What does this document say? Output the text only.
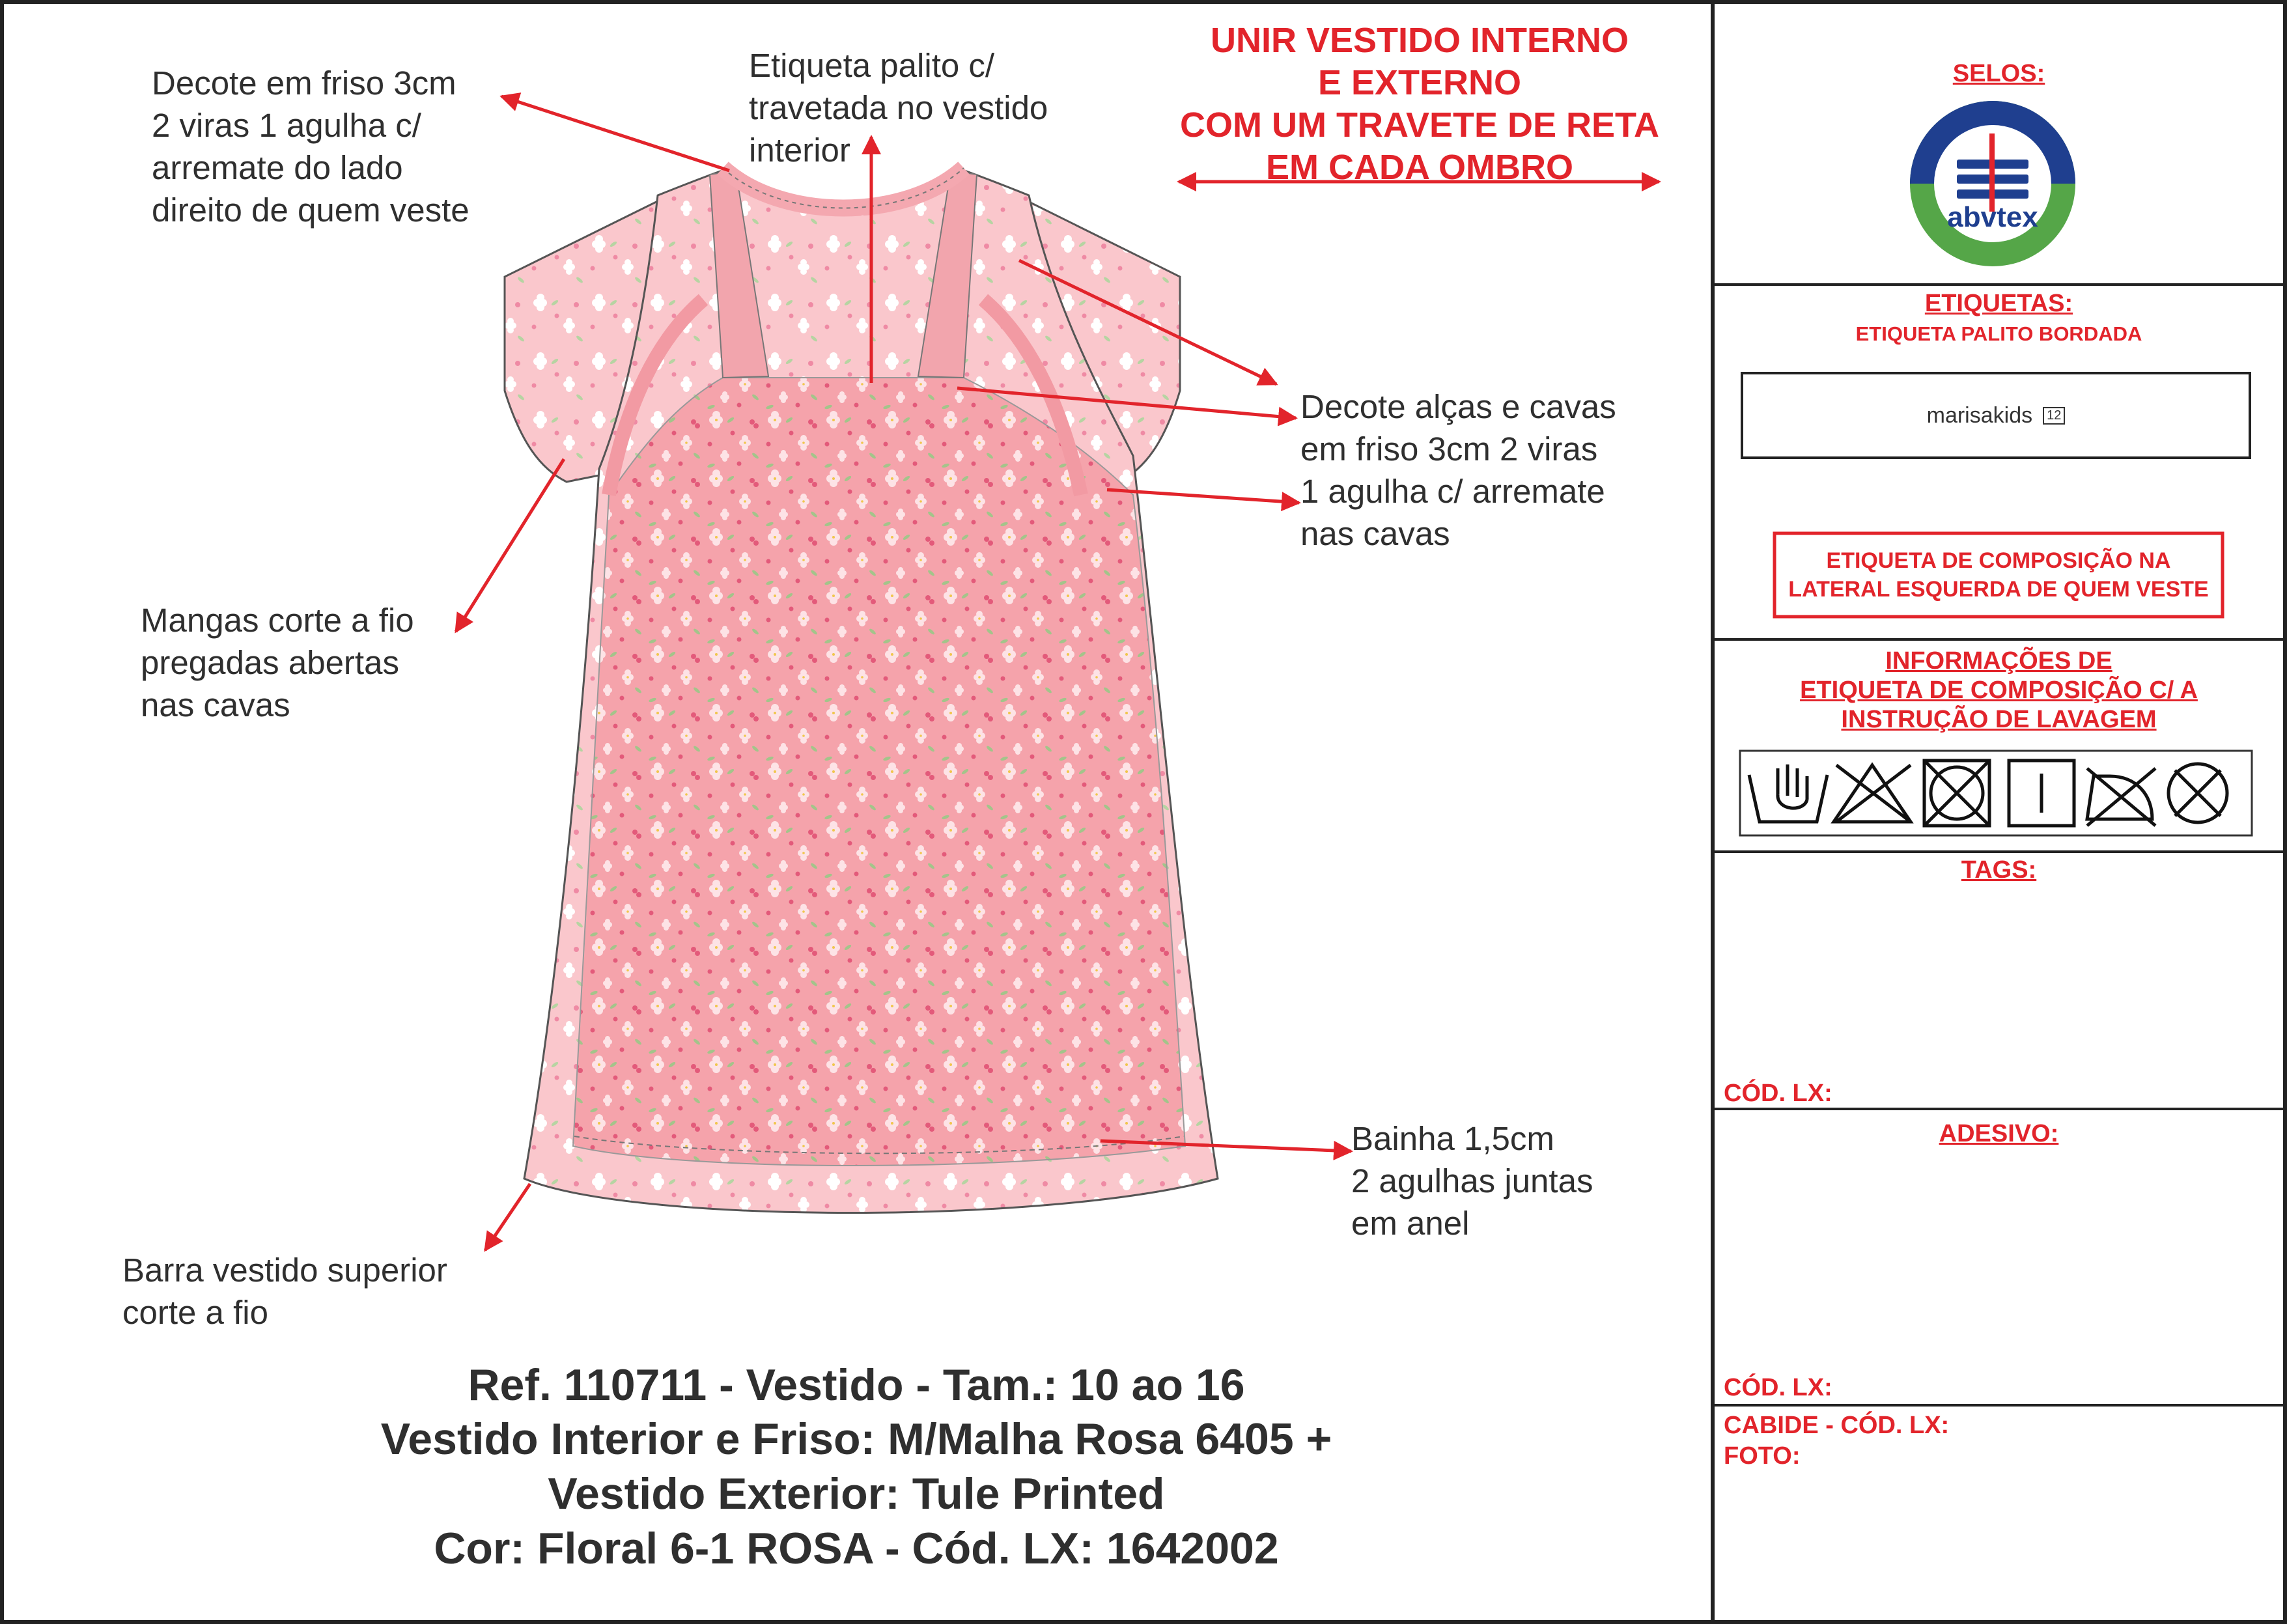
abvtex
Decote em friso 3cm
2 viras 1 agulha c/
arremate do lado
direito de quem veste
Etiqueta palito c/
travetada no vestido
interior
Decote alças e cavas
em friso 3cm 2 viras
1 agulha c/ arremate
nas cavas
Mangas corte a fio
pregadas abertas
nas cavas
Bainha 1,5cm
2 agulhas juntas
em anel
Barra vestido superior
corte a fio
UNIR VESTIDO INTERNO
E EXTERNO
COM UM TRAVETE DE RETA
EM CADA OMBRO
Ref. 110711 - Vestido - Tam.: 10 ao 16
Vestido Interior e Friso: M/Malha Rosa 6405 +
Vestido Exterior: Tule Printed
Cor: Floral 6-1 ROSA - Cód. LX: 1642002
SELOS:
ETIQUETAS:
ETIQUETA PALITO BORDADA
marisakids	12
ETIQUETA DE COMPOSIÇÃO NA
LATERAL ESQUERDA DE QUEM VESTE
INFORMAÇÕES DE
ETIQUETA DE COMPOSIÇÃO C/ A
INSTRUÇÃO DE LAVAGEM
TAGS:
CÓD. LX:
ADESIVO:
CÓD. LX:
CABIDE - CÓD. LX:
FOTO:
